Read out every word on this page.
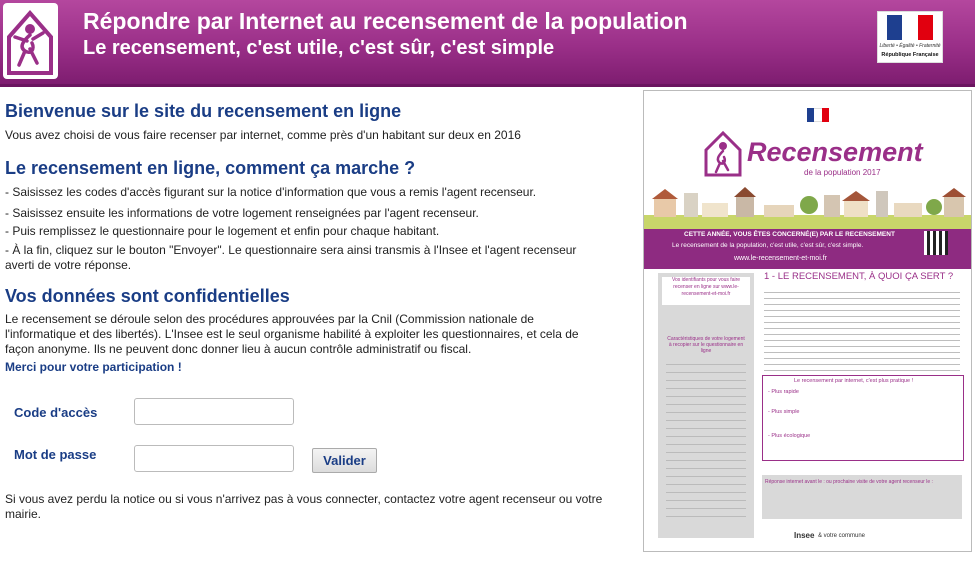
Répondre par Internet au recensement de la population
Le recensement, c'est utile, c'est sûr, c'est simple	Liberté • Égalité • Fraternité
République Française
Bienvenue sur le site du recensement en ligne

Vous avez choisi de vous faire recenser par internet, comme près d'un habitant sur deux en 2016

Le recensement en ligne, comment ça marche ?

- Saisissez les codes d'accès figurant sur la notice d'information que vous a remis l'agent recenseur.

- Saisissez ensuite les informations de votre logement renseignées par l'agent recenseur.

- Puis remplissez le questionnaire pour le logement et enfin pour chaque habitant.

- À la fin, cliquez sur le bouton "Envoyer". Le questionnaire sera ainsi transmis à l'Insee et l'agent recenseur averti de votre réponse.

Vos données sont confidentielles

Le recensement se déroule selon des procédures approuvées par la Cnil (Commission nationale de l'informatique et des libertés). L'Insee est le seul organisme habilité à exploiter les questionnaires, et cela de façon anonyme. Ils ne peuvent donc donner lieu à aucun contrôle administratif ou fiscal.

Merci pour votre participation !

Code d'accès
Mot de passe	Valider

Si vous avez perdu la notice ou si vous n'arrivez pas à vous connecter, contactez votre agent recenseur ou votre mairie.

Recensement
de la population 2017
CETTE ANNÉE, VOUS ÊTES CONCERNÉ(E) PAR LE RECENSEMENT
Le recensement de la population, c'est utile, c'est sûr, c'est simple.
www.le-recensement-et-moi.fr
Vos identifiants pour vous faire recenser en ligne sur www.le-recensement-et-moi.fr
Caractéristiques de votre logement à recopier sur le questionnaire en ligne
1 - LE RECENSEMENT, À QUOI ÇA SERT ?
Le recensement par internet, c'est plus pratique !
- Plus rapide
- Plus simple
- Plus écologique
Réponse internet avant le : ou prochaine visite de votre agent recenseur le :
Insee & votre commune
